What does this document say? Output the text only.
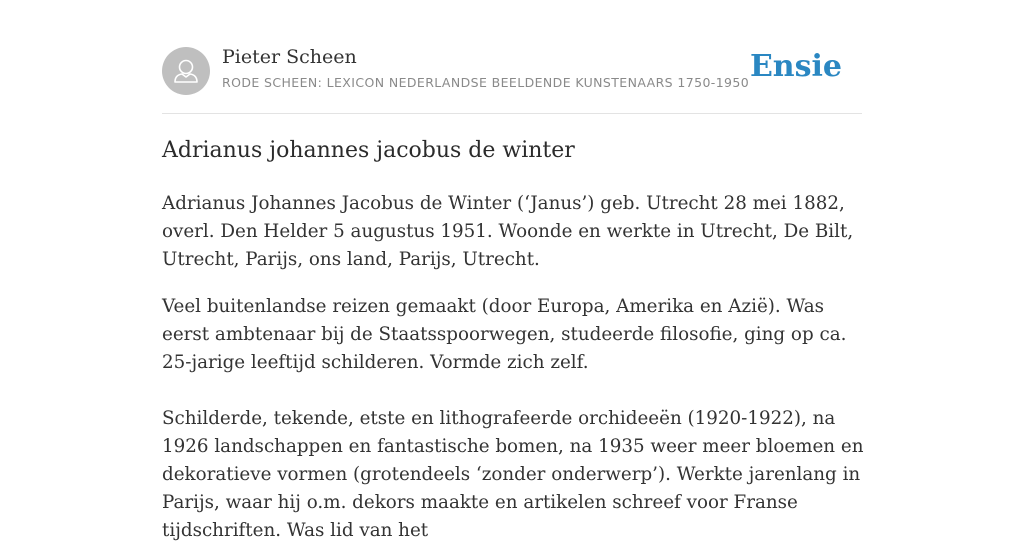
Pieter Scheen
RODE SCHEEN: LEXICON NEDERLANDSE BEELDENDE KUNSTENAARS 1750-1950 Ensie
Adrianus johannes jacobus de winter

Adrianus Johannes Jacobus de Winter (‘Janus’) geb. Utrecht 28 mei 1882, overl. Den Helder 5 augustus 1951. Woonde en werkte in Utrecht, De Bilt, Utrecht, Parijs, ons land, Parijs, Utrecht.

Veel buitenlandse reizen gemaakt (door Europa, Amerika en Azië). Was eerst ambtenaar bij de Staatsspoorwegen, studeerde filosofie, ging op ca. 25-jarige leeftijd schilderen. Vormde zich zelf.

Schilderde, tekende, etste en lithografeerde orchideeën (1920-1922), na 1926 landschappen en fantastische bomen, na 1935 weer meer bloemen en dekoratieve vormen (grotendeels ‘zonder onderwerp’). Werkte jarenlang in Parijs, waar hij o.m. dekors maakte en artikelen schreef voor Franse tijdschriften. Was lid van het
